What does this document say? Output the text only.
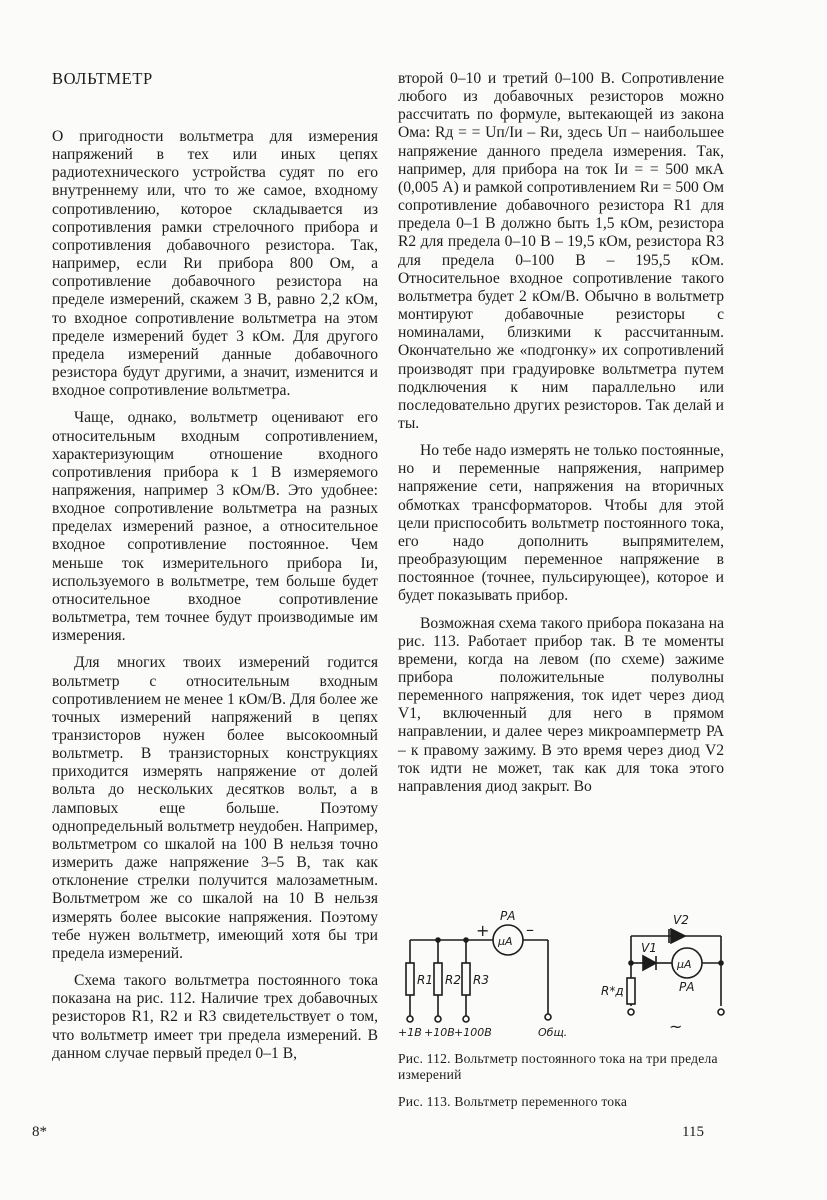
ВОЛЬТМЕТР

О пригодности вольтметра для измерения напряжений в тех или иных цепях радиотехнического устройства судят по его внутреннему или, что то же самое, входному сопротивлению, которое складывается из сопротивления рамки стрелочного прибора и сопротивления добавочного резистора. Так, например, если Rи прибора 800 Ом, а сопротивление добавочного резистора на пределе измерений, скажем 3 В, равно 2,2 кОм, то входное сопротивление вольтметра на этом пределе измерений будет 3 кОм. Для другого предела измерений данные добавочного резистора будут другими, а значит, изменится и входное сопротивление вольтметра.

Чаще, однако, вольтметр оценивают его относительным входным сопротивлением, характеризующим отношение входного сопротивления прибора к 1 В измеряемого напряжения, например 3 кОм/В. Это удобнее: входное сопротивление вольтметра на разных пределах измерений разное, а относительное входное сопротивление постоянное. Чем меньше ток измерительного прибора Iи, используемого в вольтметре, тем больше будет относительное входное сопротивление вольтметра, тем точнее будут производимые им измерения.

Для многих твоих измерений годится вольтметр с относительным входным сопротивлением не менее 1 кОм/В. Для более же точных измерений напряжений в цепях транзисторов нужен более высокоомный вольтметр. В транзисторных конструкциях приходится измерять напряжение от долей вольта до нескольких десятков вольт, а в ламповых еще больше. Поэтому однопредельный вольтметр неудобен. Например, вольтметром со шкалой на 100 В нельзя точно измерить даже напряжение 3–5 В, так как отклонение стрелки получится малозаметным. Вольтметром же со шкалой на 10 В нельзя измерять более высокие напряжения. Поэтому тебе нужен вольтметр, имеющий хотя бы три предела измерений.

Схема такого вольтметра постоянного тока показана на рис. 112. Наличие трех добавочных резисторов R1, R2 и R3 свидетельствует о том, что вольтметр имеет три предела измерений. В данном случае первый предел 0–1 В,

второй 0–10 и третий 0–100 В. Сопротивление любого из добавочных резисторов можно рассчитать по формуле, вытекающей из закона Ома: Rд = = Uп/Iи – Rи, здесь Uп – наибольшее напряжение данного предела измерения. Так, например, для прибора на ток Iи = = 500 мкА (0,005 А) и рамкой сопротивлением Rи = 500 Ом сопротивление добавочного резистора R1 для предела 0–1 В должно быть 1,5 кОм, резистора R2 для предела 0–10 В – 19,5 кОм, резистора R3 для предела 0–100 В – 195,5 кОм. Относительное входное сопротивление такого вольтметра будет 2 кОм/В. Обычно в вольтметр монтируют добавочные резисторы с номиналами, близкими к рассчитанным. Окончательно же «подгонку» их сопротивлений производят при градуировке вольтметра путем подключения к ним параллельно или последовательно других резисторов. Так делай и ты.

Но тебе надо измерять не только постоянные, но и переменные напряжения, например напряжение сети, напряжения на вторичных обмотках трансформаторов. Чтобы для этой цели приспособить вольтметр постоянного тока, его надо дополнить выпрямителем, преобразующим переменное напряжение в постоянное (точнее, пульсирующее), которое и будет показывать прибор.

Возможная схема такого прибора показана на рис. 113. Работает прибор так. В те моменты времени, когда на левом (по схеме) зажиме прибора положительные полуволны переменного напряжения, ток идет через диод V1, включенный для него в прямом направлении, и далее через микроамперметр РА – к правому зажиму. В это время через диод V2 ток идти не может, так как для тока этого направления диод закрыт. Во

РА
μA
+ –
R1 R2 R3
+1В +10В +100В	Общ.
V2
V1
μA
РА
R*д
~
Рис. 112. Вольтметр постоянного тока на три предела измерений
Рис. 113. Вольтметр переменного тока
8*	115
